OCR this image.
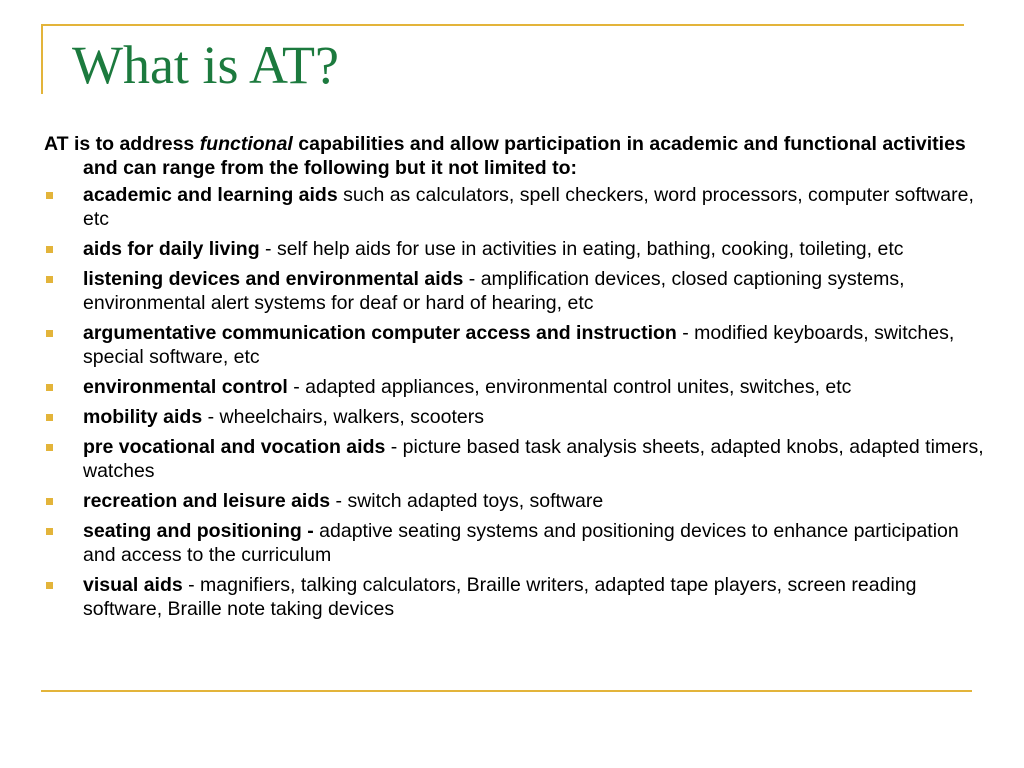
What is AT?

AT is to address functional capabilities and allow participation in academic and functional activities and can range from the following but it not limited to:

academic and learning aids such as calculators, spell checkers, word processors, computer software, etc
aids for daily living - self help aids for use in activities in eating, bathing, cooking, toileting, etc
listening devices and environmental aids - amplification devices, closed captioning systems, environmental alert systems for deaf or hard of hearing, etc
argumentative communication computer access and instruction - modified keyboards, switches, special software, etc
environmental control - adapted appliances, environmental control unites, switches, etc
mobility aids - wheelchairs, walkers, scooters
pre vocational and vocation aids - picture based task analysis sheets, adapted knobs, adapted timers, watches
recreation and leisure aids - switch adapted toys, software
seating and positioning - adaptive seating systems and positioning devices to enhance participation and access to the curriculum
visual aids - magnifiers, talking calculators, Braille writers, adapted tape players, screen reading software, Braille note taking devices
